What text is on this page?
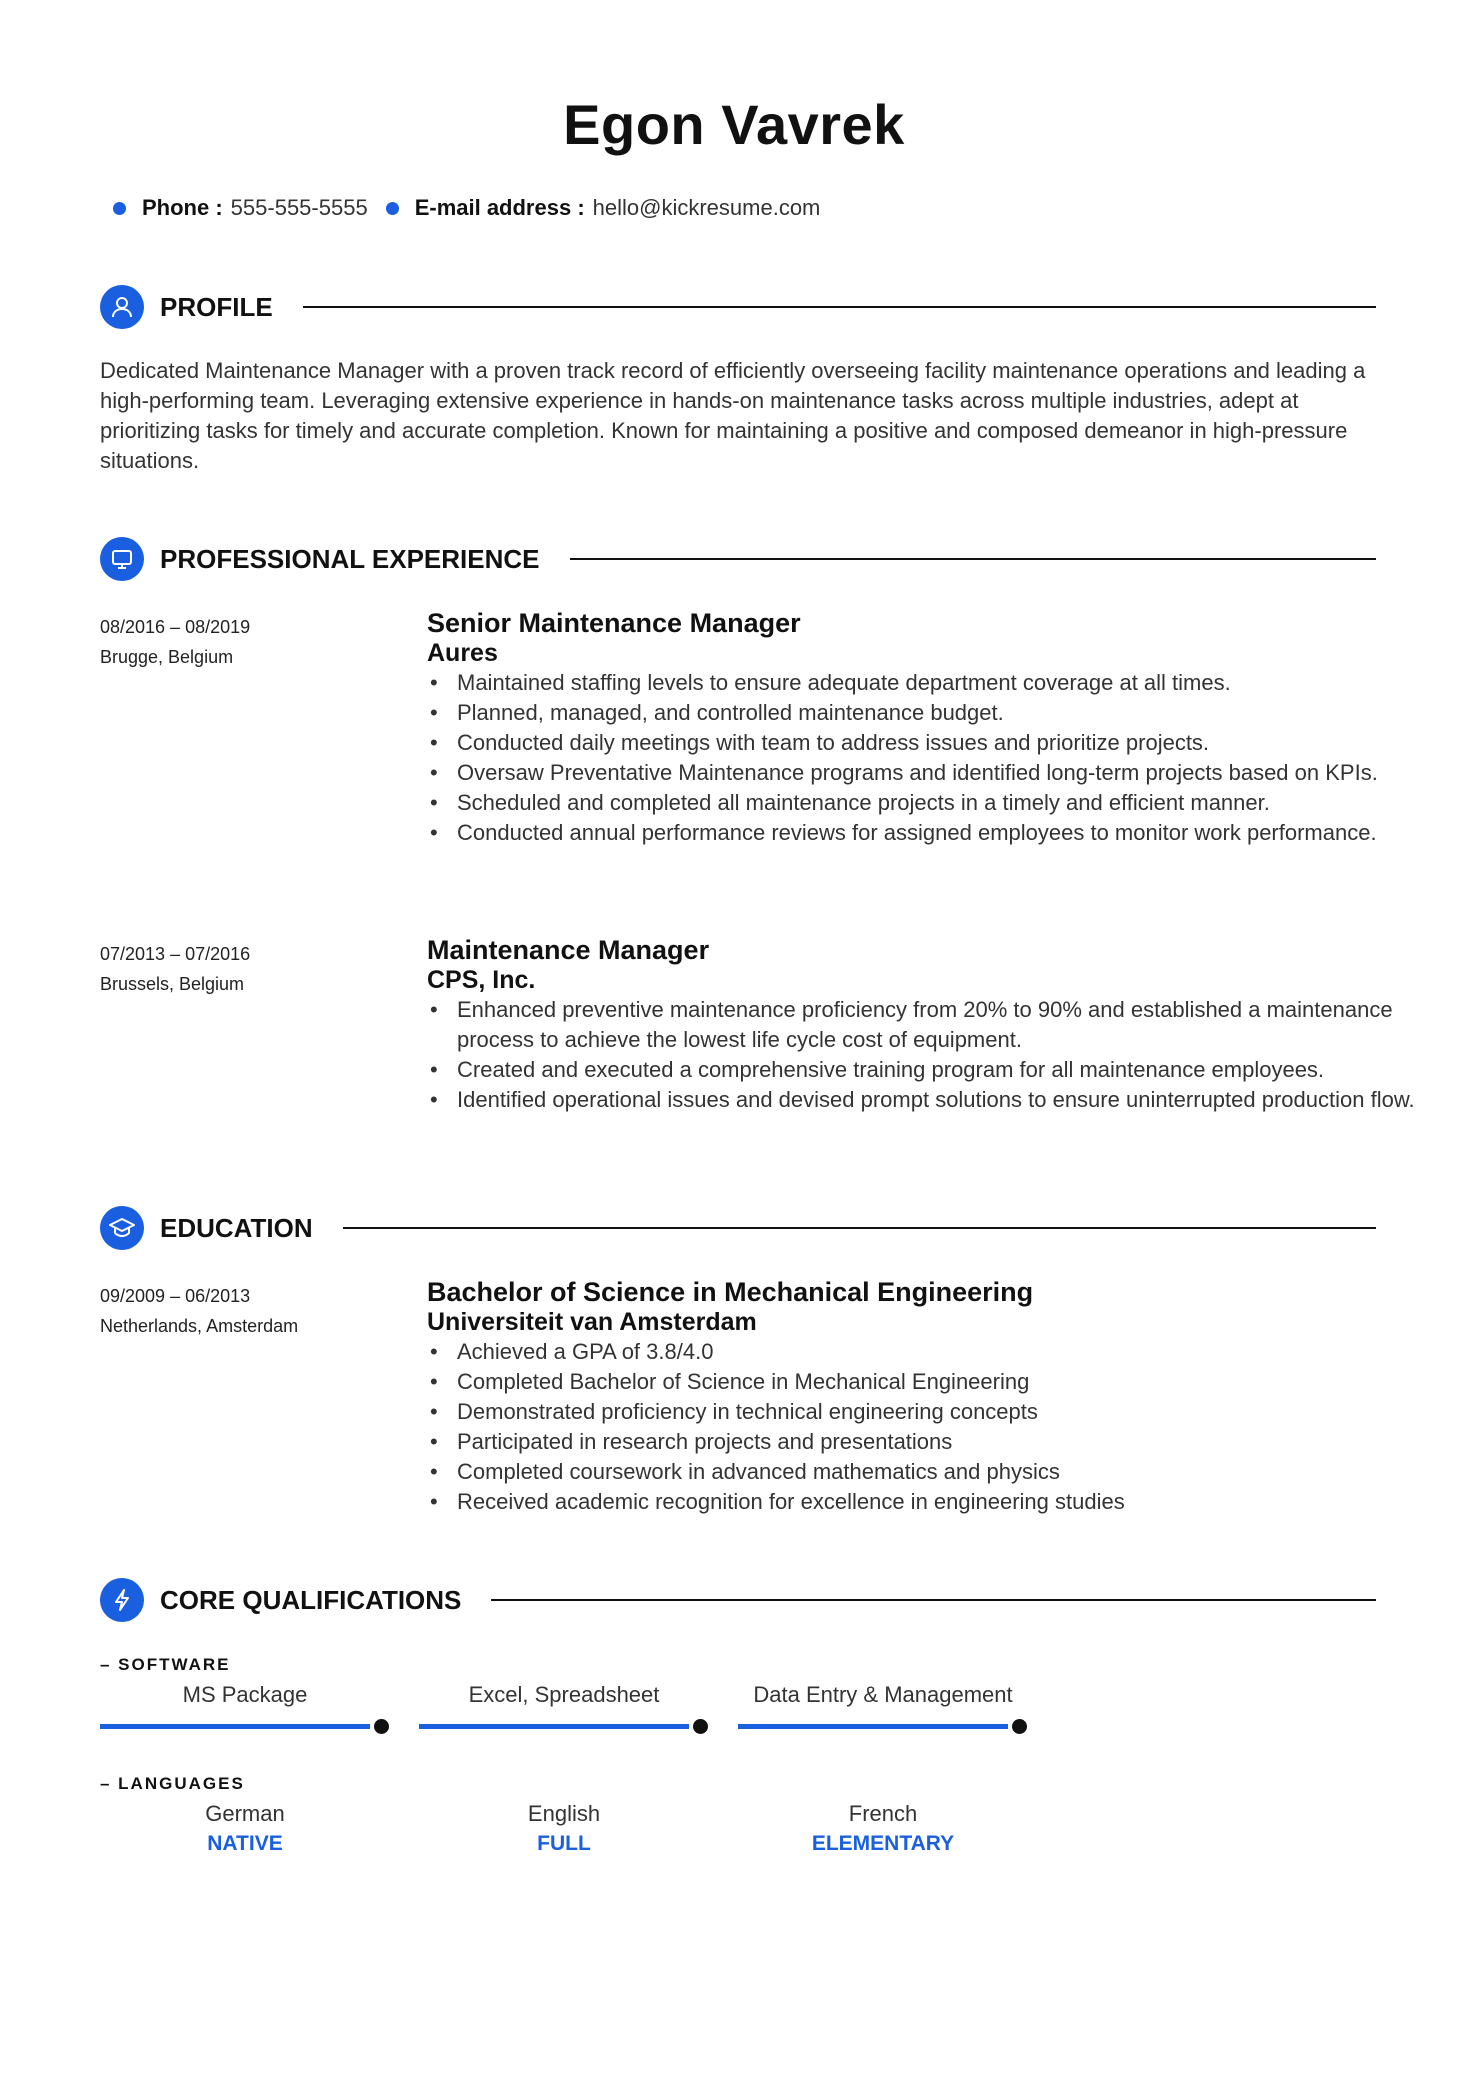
Egon Vavrek
Phone : 555-555-5555 E-mail address : hello@kickresume.com
PROFILE
Dedicated Maintenance Manager with a proven track record of efficiently overseeing facility maintenance operations and leading a high-performing team. Leveraging extensive experience in hands-on maintenance tasks across multiple industries, adept at prioritizing tasks for timely and accurate completion. Known for maintaining a positive and composed demeanor in high-pressure situations.
PROFESSIONAL EXPERIENCE
08/2016 – 08/2019
Brugge, Belgium
Senior Maintenance Manager
Aures
• Maintained staffing levels to ensure adequate department coverage at all times.
• Planned, managed, and controlled maintenance budget.
• Conducted daily meetings with team to address issues and prioritize projects.
• Oversaw Preventative Maintenance programs and identified long-term projects based on KPIs.
• Scheduled and completed all maintenance projects in a timely and efficient manner.
• Conducted annual performance reviews for assigned employees to monitor work performance.
07/2013 – 07/2016
Brussels, Belgium
Maintenance Manager
CPS, Inc.
• Enhanced preventive maintenance proficiency from 20% to 90% and established a maintenance process to achieve the lowest life cycle cost of equipment.
• Created and executed a comprehensive training program for all maintenance employees.
• Identified operational issues and devised prompt solutions to ensure uninterrupted production flow.
EDUCATION
09/2009 – 06/2013
Netherlands, Amsterdam
Bachelor of Science in Mechanical Engineering
Universiteit van Amsterdam
• Achieved a GPA of 3.8/4.0
• Completed Bachelor of Science in Mechanical Engineering
• Demonstrated proficiency in technical engineering concepts
• Participated in research projects and presentations
• Completed coursework in advanced mathematics and physics
• Received academic recognition for excellence in engineering studies
CORE QUALIFICATIONS
– SOFTWARE
MS Package	Excel, Spreadsheet	Data Entry & Management
– LANGUAGES
German
NATIVE
English
FULL
French
ELEMENTARY
